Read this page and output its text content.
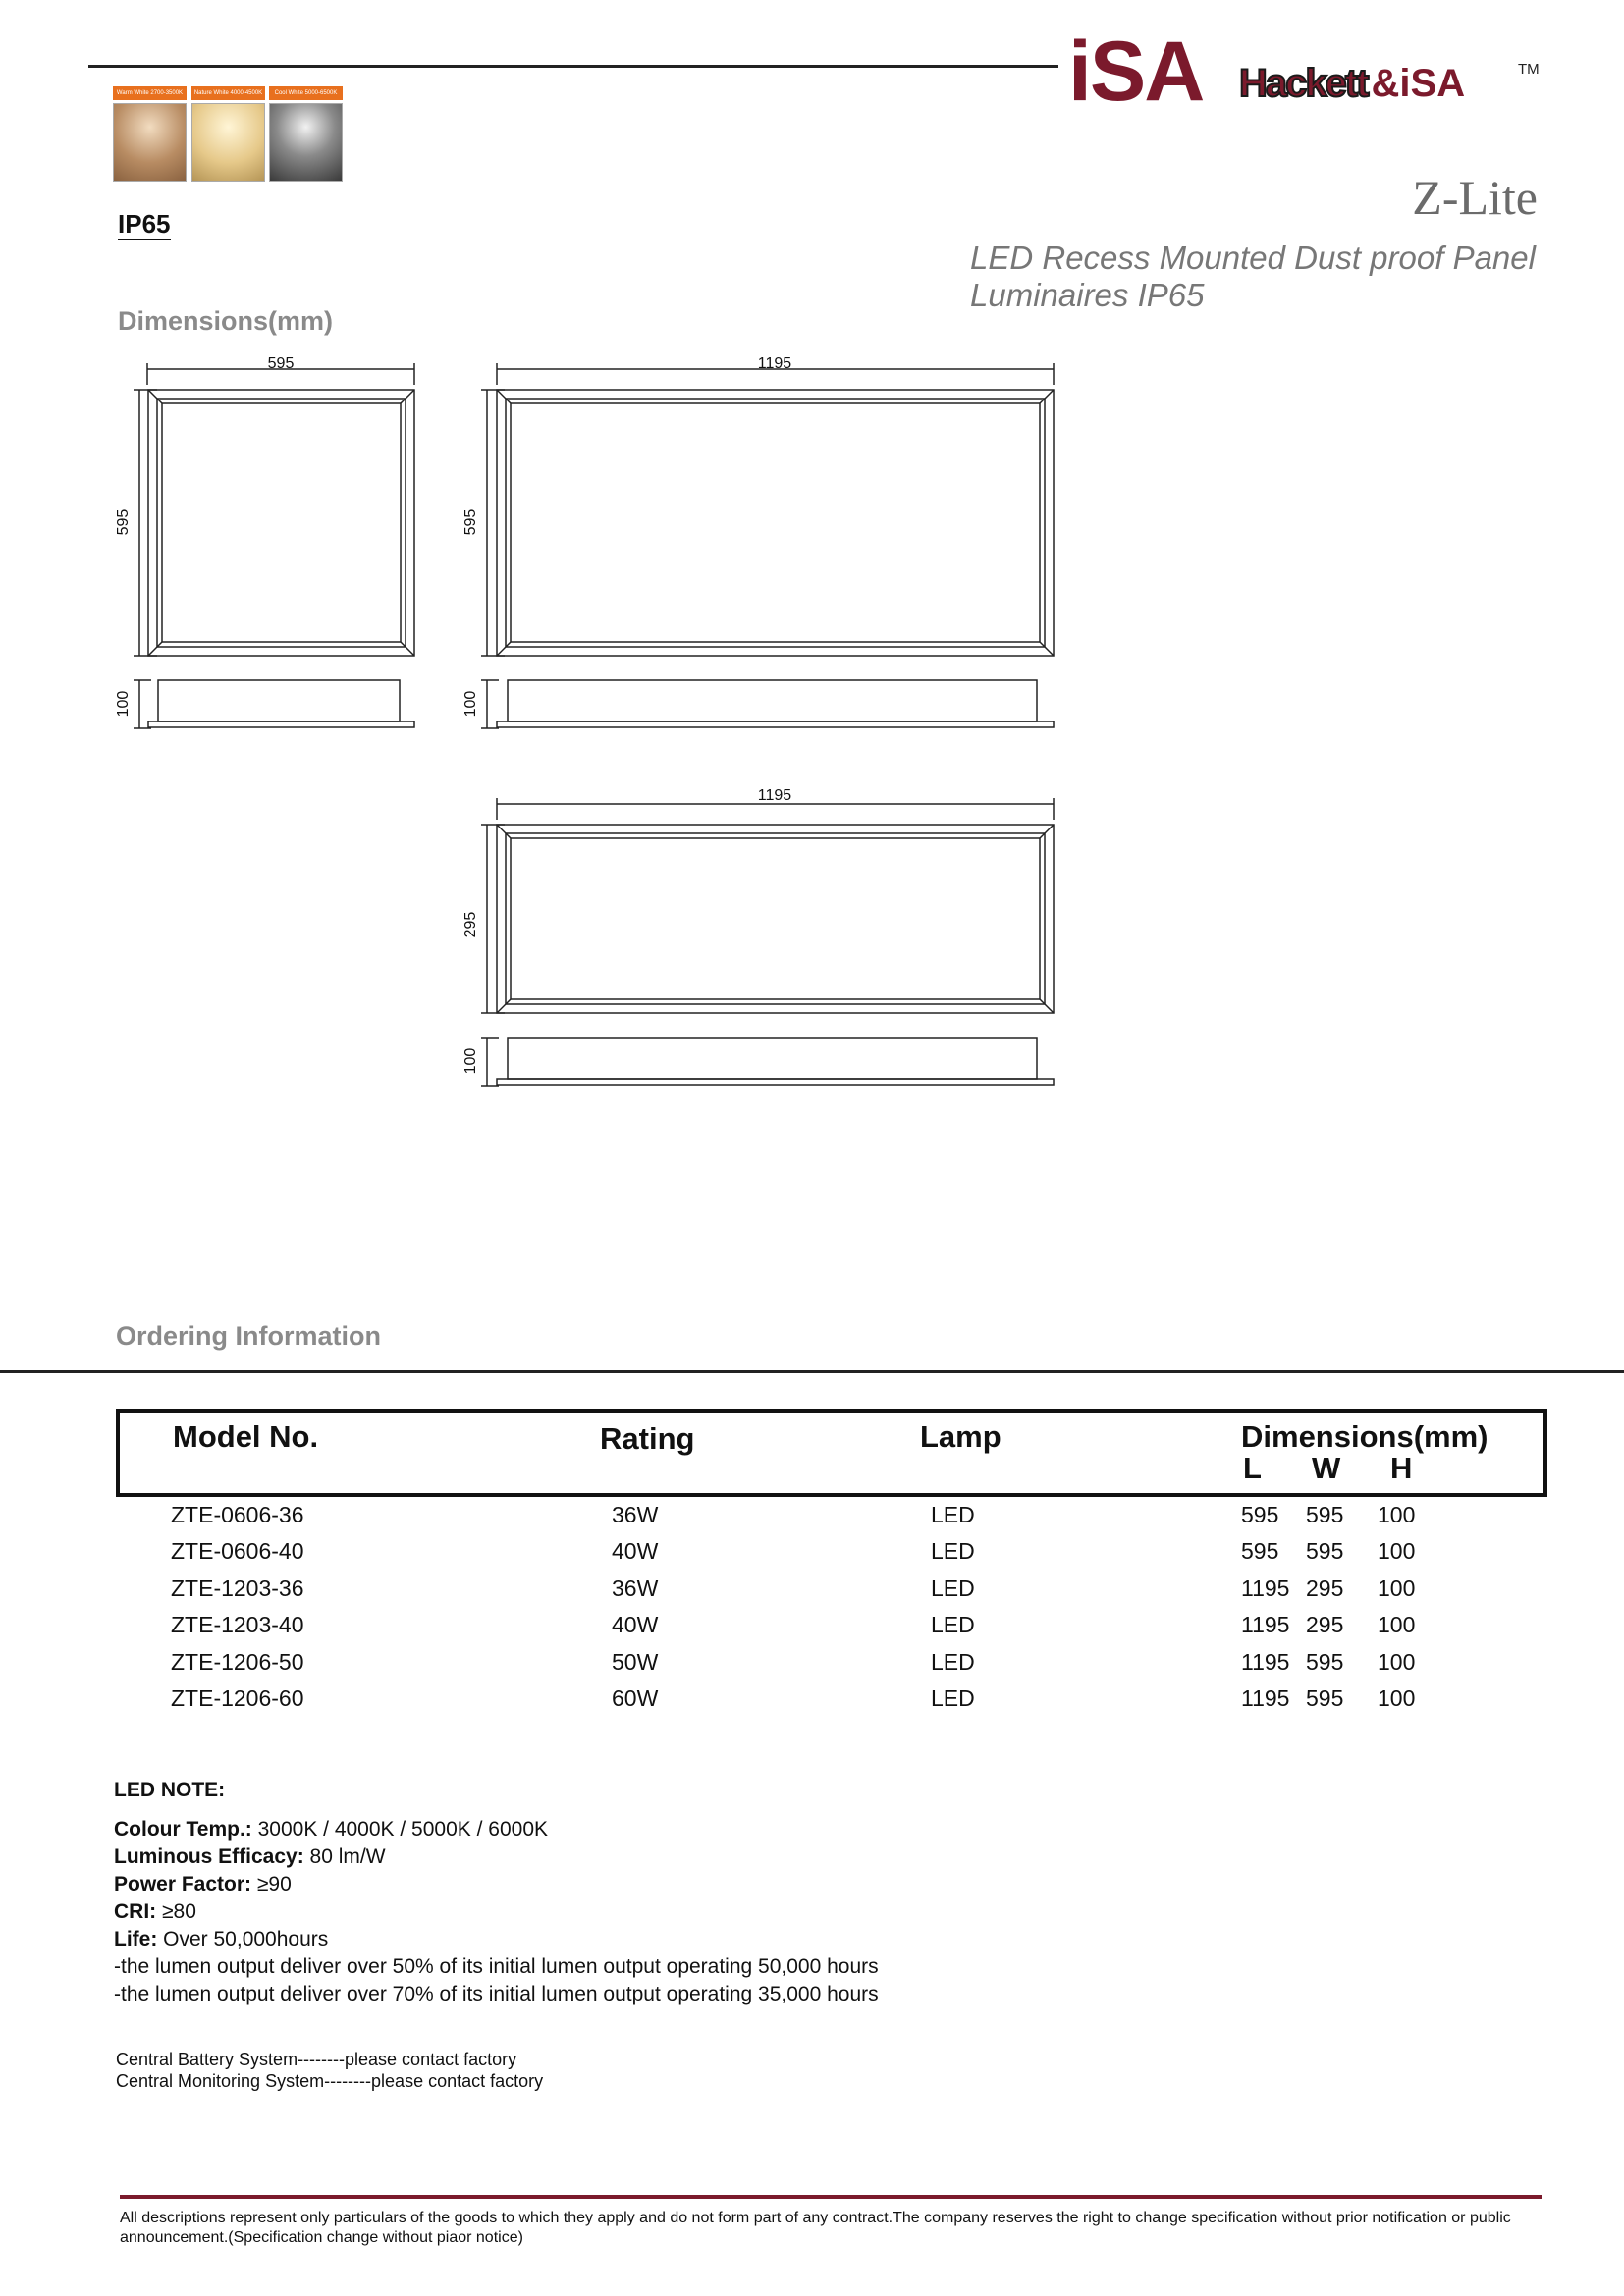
iSA Hackett &iSA	TM
Warm White 2700-3500K	Nature White 4000-4500K	Cool White 5000-6500K
IP65	Z-Lite
LED Recess Mounted Dust proof Panel Luminaires IP65
Dimensions(mm)
595
595
100
1195
595
100
1195
295
100
Ordering Information
Model No.	Rating	Lamp	Dimensions(mm)
L W H
ZTE-0606-36	36W	LED	595 595 100
ZTE-0606-40	40W	LED	595 595 100
ZTE-1203-36	36W	LED	1195 295 100
ZTE-1203-40	40W	LED	1195 295 100
ZTE-1206-50	50W	LED	1195 595 100
ZTE-1206-60	60W	LED	1195 595 100
LED NOTE:
Colour Temp.: 3000K / 4000K / 5000K / 6000K
Luminous Efficacy: 80 lm/W
Power Factor: ≥90
CRI: ≥80
Life: Over 50,000hours
-the lumen output deliver over 50% of its initial lumen output operating 50,000 hours
-the lumen output deliver over 70% of its initial lumen output operating 35,000 hours
Central Battery System--------please contact factory
Central Monitoring System--------please contact factory
All descriptions represent only particulars of the goods to which they apply and do not form part of any contract.The company reserves the right to change specification without prior notification or public announcement.(Specification change without piaor notice)
